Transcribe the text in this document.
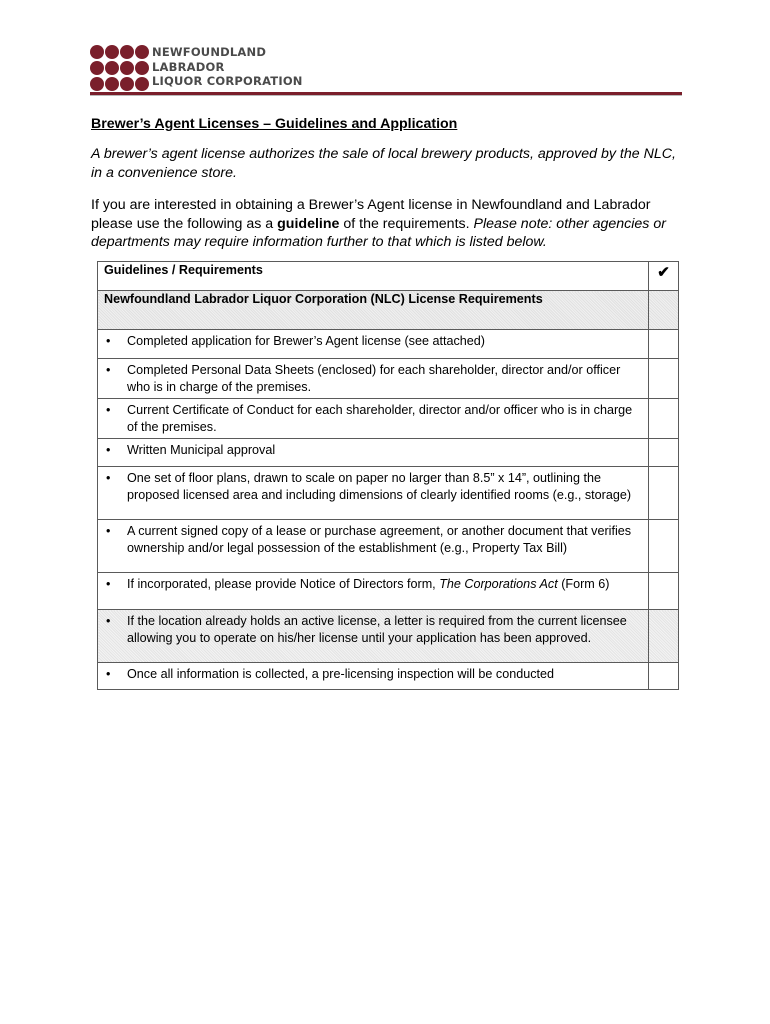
NEWFOUNDLAND
LABRADOR
LIQUOR CORPORATION
Brewer’s Agent Licenses – Guidelines and Application
A brewer’s agent license authorizes the sale of local brewery products, approved by the NLC, in a convenience store.
If you are interested in obtaining a Brewer’s Agent license in Newfoundland and Labrador please use the following as a guideline of the requirements. Please note: other agencies or departments may require information further to that which is listed below.
Guidelines / Requirements	✔
Newfoundland Labrador Liquor Corporation (NLC) License Requirements	

• Completed application for Brewer’s Agent license (see attached)	

• Completed Personal Data Sheets (enclosed) for each shareholder, director and/or officer who is in charge of the premises.	

• Current Certificate of Conduct for each shareholder, director and/or officer who is in charge of the premises.	

• Written Municipal approval	

• One set of floor plans, drawn to scale on paper no larger than 8.5” x 14”, outlining the proposed licensed area and including dimensions of clearly identified rooms (e.g., storage)	

• A current signed copy of a lease or purchase agreement, or another document that verifies ownership and/or legal possession of the establishment (e.g., Property Tax Bill)	

• If incorporated, please provide Notice of Directors form, The Corporations Act (Form 6)	

• If the location already holds an active license, a letter is required from the current licensee allowing you to operate on his/her license until your application has been approved.	

• Once all information is collected, a pre-licensing inspection will be conducted	
